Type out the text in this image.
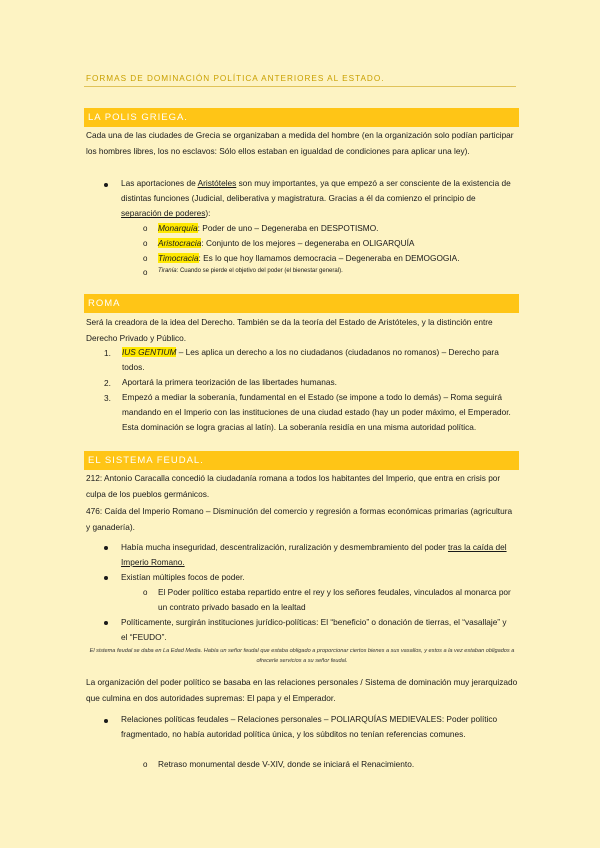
FORMAS DE DOMINACIÓN POLÍTICA ANTERIORES AL ESTADO.
LA POLIS GRIEGA.

Cada una de las ciudades de Grecia se organizaban a medida del hombre (en la organización solo podían participar los hombres libres, los no esclavos: Sólo ellos estaban en igualdad de condiciones para aplicar una ley).

Las aportaciones de Aristóteles son muy importantes, ya que empezó a ser consciente de la existencia de distintas funciones (Judicial, deliberativa y magistratura. Gracias a él da comienzo el principio de separación de poderes):
o Monarquía: Poder de uno – Degeneraba en DESPOTISMO.
o Aristocracia: Conjunto de los mejores – degeneraba en OLIGARQUÍA
o Timocracia: Es lo que hoy llamamos democracia – Degeneraba en DEMOGOGIA.
o Tiranía: Cuando se pierde el objetivo del poder (el bienestar general).
ROMA

Será la creadora de la idea del Derecho. También se da la teoría del Estado de Aristóteles, y la distinción entre Derecho Privado y Público.

1. IUS GENTIUM – Les aplica un derecho a los no ciudadanos (ciudadanos no romanos) – Derecho para todos.
2. Aportará la primera teorización de las libertades humanas.
3. Empezó a mediar la soberanía, fundamental en el Estado (se impone a todo lo demás) – Roma seguirá mandando en el Imperio con las instituciones de una ciudad estado (hay un poder máximo, el Emperador. Esta dominación se logra gracias al latín). La soberanía residía en una misma autoridad política.
EL SISTEMA FEUDAL.

212: Antonio Caracalla concedió la ciudadanía romana a todos los habitantes del Imperio, que entra en crisis por culpa de los pueblos germánicos.

476: Caída del Imperio Romano – Disminución del comercio y regresión a formas económicas primarias (agricultura y ganadería).

Había mucha inseguridad, descentralización, ruralización y desmembramiento del poder tras la caída del Imperio Romano.
Existían múltiples focos de poder.
o El Poder político estaba repartido entre el rey y los señores feudales, vinculados al monarca por un contrato privado basado en la lealtad
Políticamente, surgirán instituciones jurídico-políticas: El “beneficio” o donación de tierras, el “vasallaje” y el “FEUDO”.
El sistema feudal se daba en La Edad Media. Había un señor feudal que estaba obligado a proporcionar ciertos bienes a sus vasallos, y estos a la vez estaban obligados a ofrecerle servicios a su señor feudal.

La organización del poder político se basaba en las relaciones personales / Sistema de dominación muy jerarquizado que culmina en dos autoridades supremas: El papa y el Emperador.

Relaciones políticas feudales – Relaciones personales – POLIARQUÍAS MEDIEVALES: Poder político fragmentado, no había autoridad política única, y los súbditos no tenían referencias comunes.
o Retraso monumental desde V-XIV, donde se iniciará el Renacimiento.
